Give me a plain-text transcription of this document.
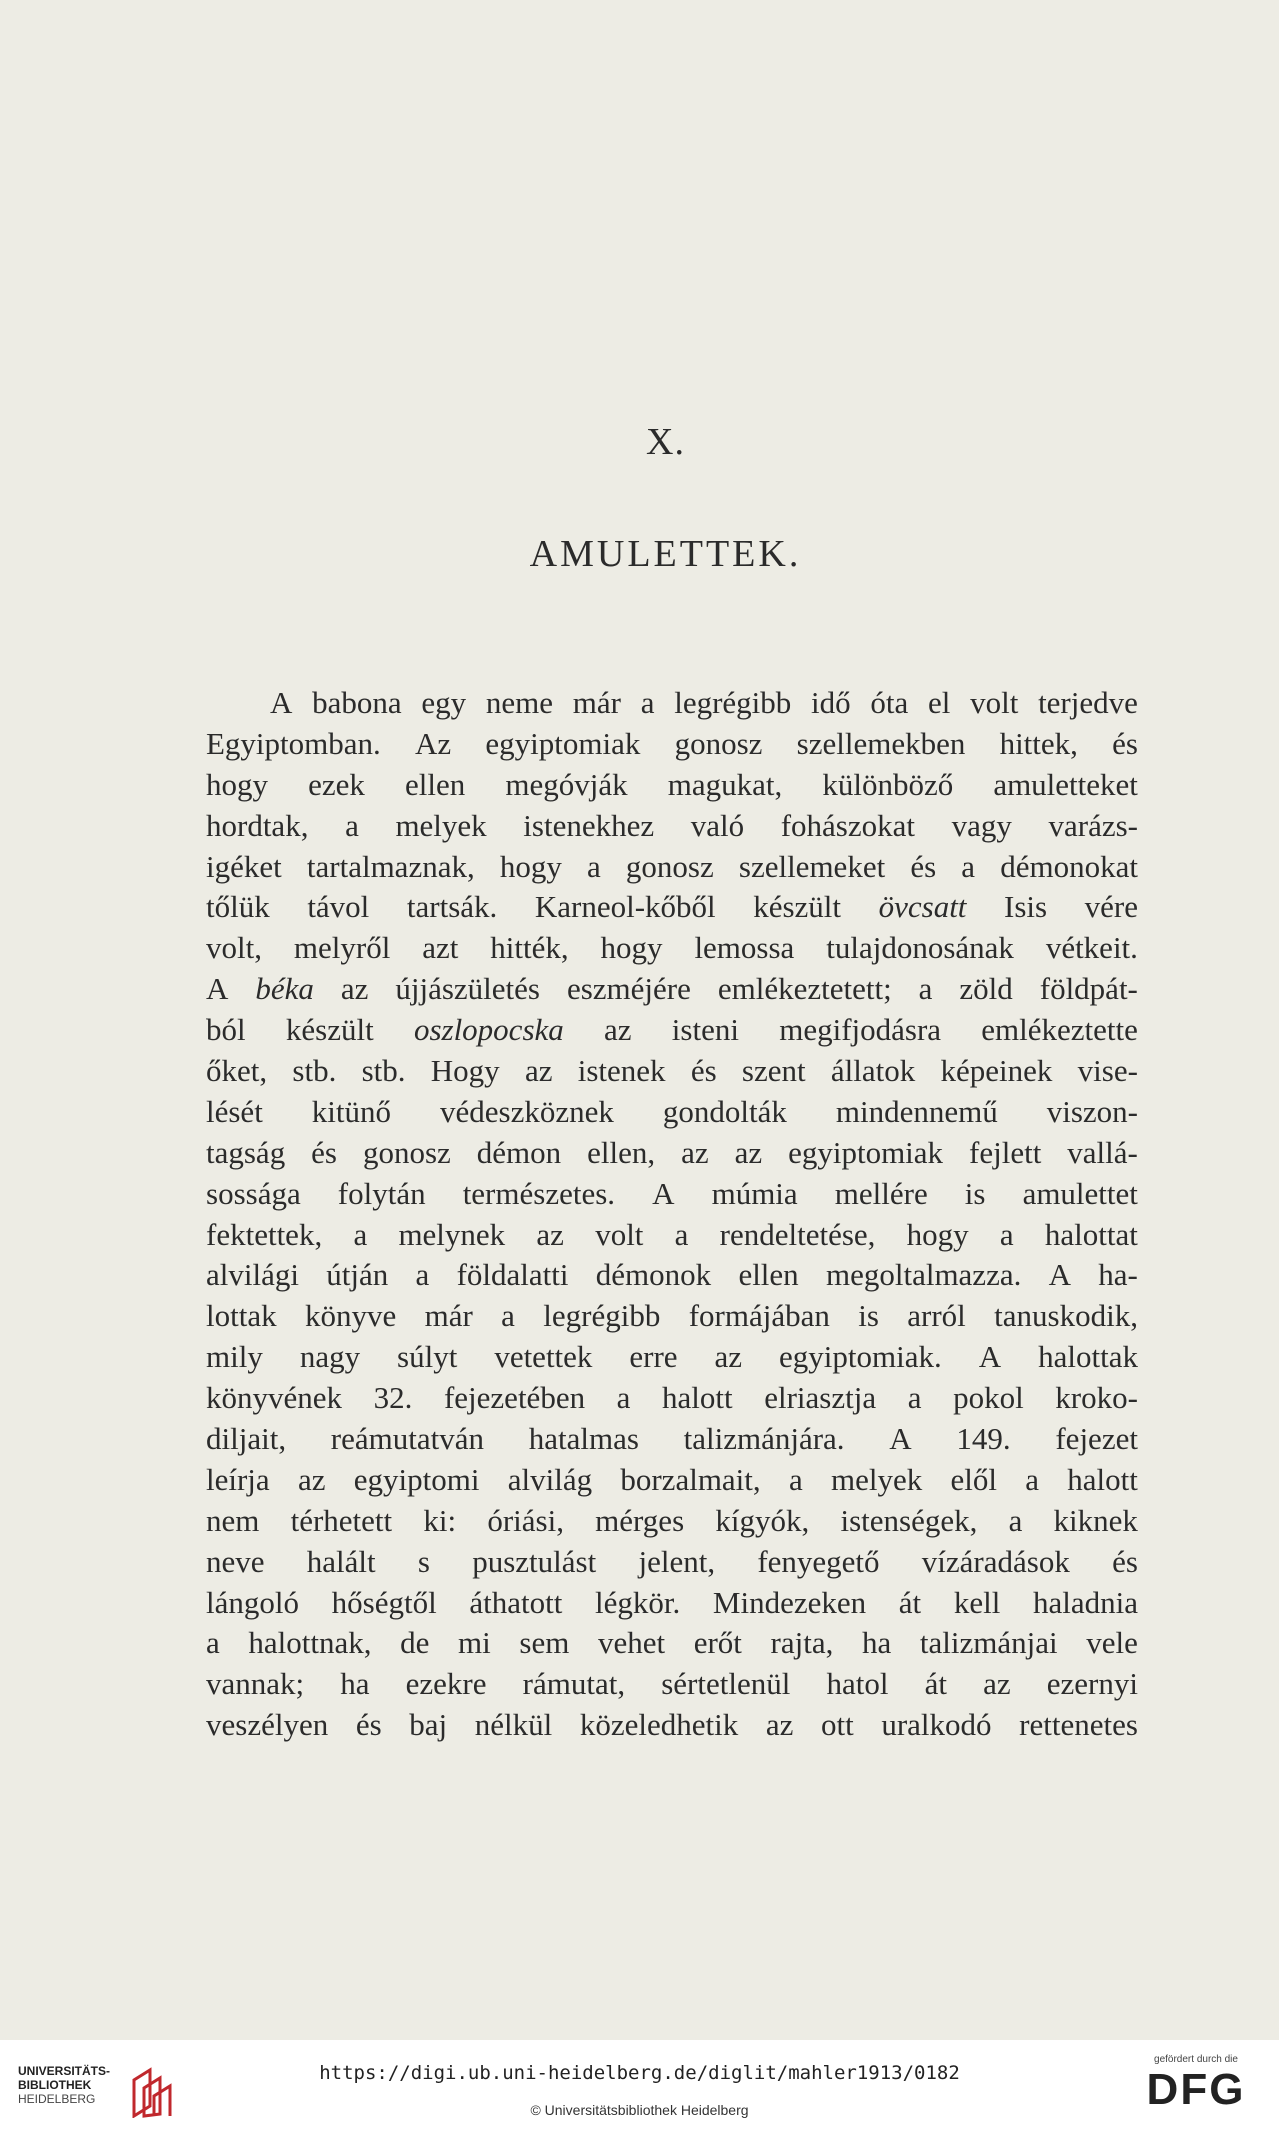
X.
AMULETTEK.
A babona egy neme már a legrégibb idő óta el volt terjedve
Egyiptomban. Az egyiptomiak gonosz szellemekben hittek, és
hogy ezek ellen megóvják magukat, különböző amuletteket
hordtak, a melyek istenekhez való fohászokat vagy varázs-
igéket tartalmaznak, hogy a gonosz szellemeket és a démonokat
tőlük távol tartsák. Karneol-kőből készült övcsatt Isis vére
volt, melyről azt hitték, hogy lemossa tulajdonosának vétkeit.
A béka az újjászületés eszméjére emlékeztetett; a zöld földpát-
ból készült oszlopocska az isteni megifjodásra emlékeztette
őket, stb. stb. Hogy az istenek és szent állatok képeinek vise-
lését kitünő védeszköznek gondolták mindennemű viszon-
tagság és gonosz démon ellen, az az egyiptomiak fejlett vallá-
sossága folytán természetes. A múmia mellére is amulettet
fektettek, a melynek az volt a rendeltetése, hogy a halottat
alvilági útján a földalatti démonok ellen megoltalmazza. A ha-
lottak könyve már a legrégibb formájában is arról tanuskodik,
mily nagy súlyt vetettek erre az egyiptomiak. A halottak
könyvének 32. fejezetében a halott elriasztja a pokol kroko-
diljait, reámutatván hatalmas talizmánjára. A 149. fejezet
leírja az egyiptomi alvilág borzalmait, a melyek elől a halott
nem térhetett ki: óriási, mérges kígyók, istenségek, a kiknek
neve halált s pusztulást jelent, fenyegető vízáradások és
lángoló hőségtől áthatott légkör. Mindezeken át kell haladnia
a halottnak, de mi sem vehet erőt rajta, ha talizmánjai vele
vannak; ha ezekre rámutat, sértetlenül hatol át az ezernyi
veszélyen és baj nélkül közeledhetik az ott uralkodó rettenetes
UNIVERSITÄTS-
BIBLIOTHEK
HEIDELBERG
https://digi.ub.uni-heidelberg.de/diglit/mahler1913/0182
© Universitätsbibliothek Heidelberg
gefördert durch die
DFG
